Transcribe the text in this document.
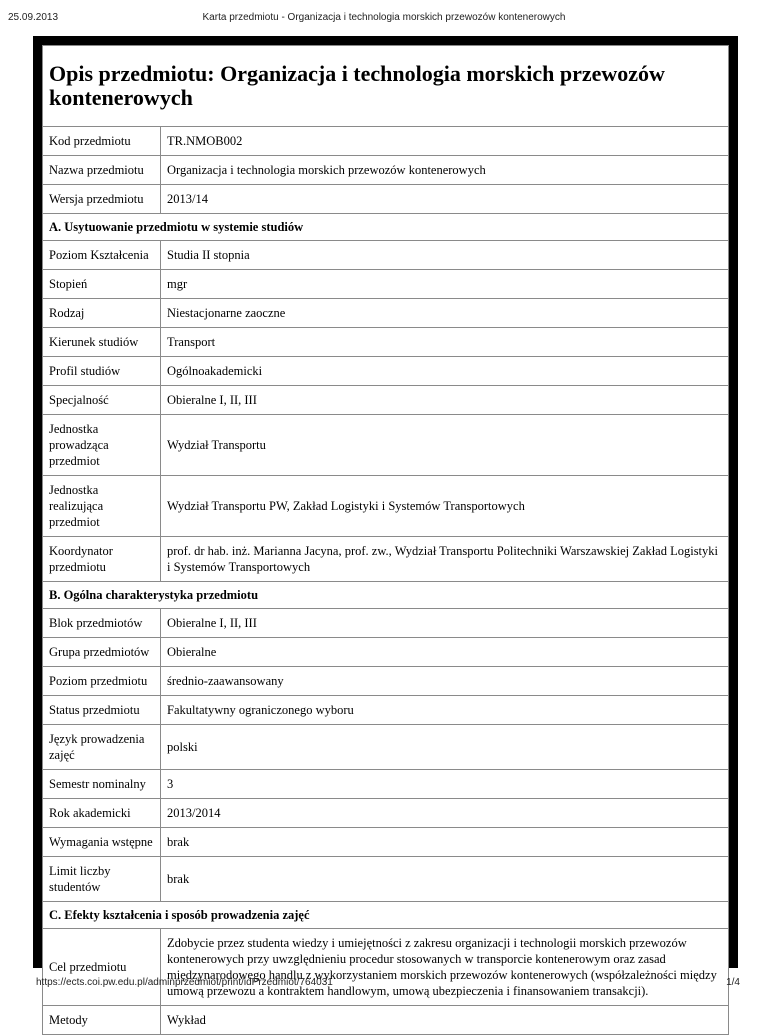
25.09.2013	Karta przedmiotu - Organizacja i technologia morskich przewozów kontenerowych
Opis przedmiotu: Organizacja i technologia morskich przewozów kontenerowych	
Kod przedmiotu	TR.NMOB002
Nazwa przedmiotu	Organizacja i technologia morskich przewozów kontenerowych
Wersja przedmiotu	2013/14
A. Usytuowanie przedmiotu w systemie studiów	
Poziom Kształcenia	Studia II stopnia
Stopień	mgr
Rodzaj	Niestacjonarne zaoczne
Kierunek studiów	Transport
Profil studiów	Ogólnoakademicki
Specjalność	Obieralne I, II, III
Jednostka prowadząca przedmiot	Wydział Transportu
Jednostka realizująca przedmiot	Wydział Transportu PW, Zakład Logistyki i Systemów Transportowych
Koordynator przedmiotu	prof. dr hab. inż. Marianna Jacyna, prof. zw., Wydział Transportu Politechniki Warszawskiej Zakład Logistyki i Systemów Transportowych
B. Ogólna charakterystyka przedmiotu	
Blok przedmiotów	Obieralne I, II, III
Grupa przedmiotów	Obieralne
Poziom przedmiotu	średnio-zaawansowany
Status przedmiotu	Fakultatywny ograniczonego wyboru
Język prowadzenia zajęć	polski
Semestr nominalny	3
Rok akademicki	2013/2014
Wymagania wstępne	brak
Limit liczby studentów	brak
C. Efekty kształcenia i sposób prowadzenia zajęć	
Cel przedmiotu	Zdobycie przez studenta wiedzy i umiejętności z zakresu organizacji i technologii morskich przewozów kontenerowych przy uwzględnieniu procedur stosowanych w transporcie kontenerowym oraz zasad międzynarodowego handlu z wykorzystaniem morskich przewozów kontenerowych (współzależności między umową przewozu a kontraktem handlowym, umową ubezpieczenia i finansowaniem transakcji).
Metody	Wykład
https://ects.coi.pw.edu.pl/adminprzedmiot/print/idPrzedmiot/764031	1/4
